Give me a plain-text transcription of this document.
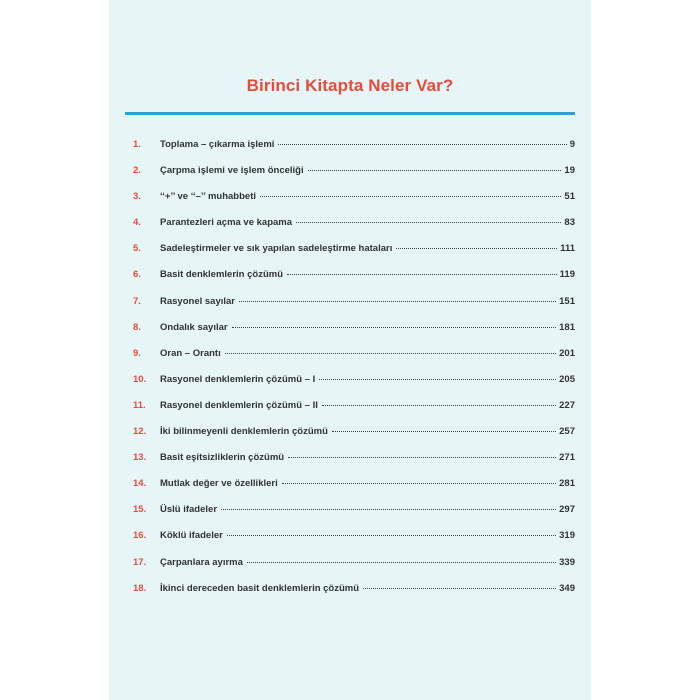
Birinci Kitapta Neler Var?
1.	Toplama – çıkarma işlemi	9
2.	Çarpma işlemi ve işlem önceliği	19
3.	‘‘+’’ ve ‘‘–’’ muhabbeti	51
4.	Parantezleri açma ve kapama	83
5.	Sadeleştirmeler ve sık yapılan sadeleştirme hataları	111
6.	Basit denklemlerin çözümü	119
7.	Rasyonel sayılar	151
8.	Ondalık sayılar	181
9.	Oran – Orantı	201
10.	Rasyonel denklemlerin çözümü – I	205
11.	Rasyonel denklemlerin çözümü – II	227
12.	İki bilinmeyenli denklemlerin çözümü	257
13.	Basit eşitsizliklerin çözümü	271
14.	Mutlak değer ve özellikleri	281
15.	Üslü ifadeler	297
16.	Köklü ifadeler	319
17.	Çarpanlara ayırma	339
18.	İkinci dereceden basit denklemlerin çözümü	349
